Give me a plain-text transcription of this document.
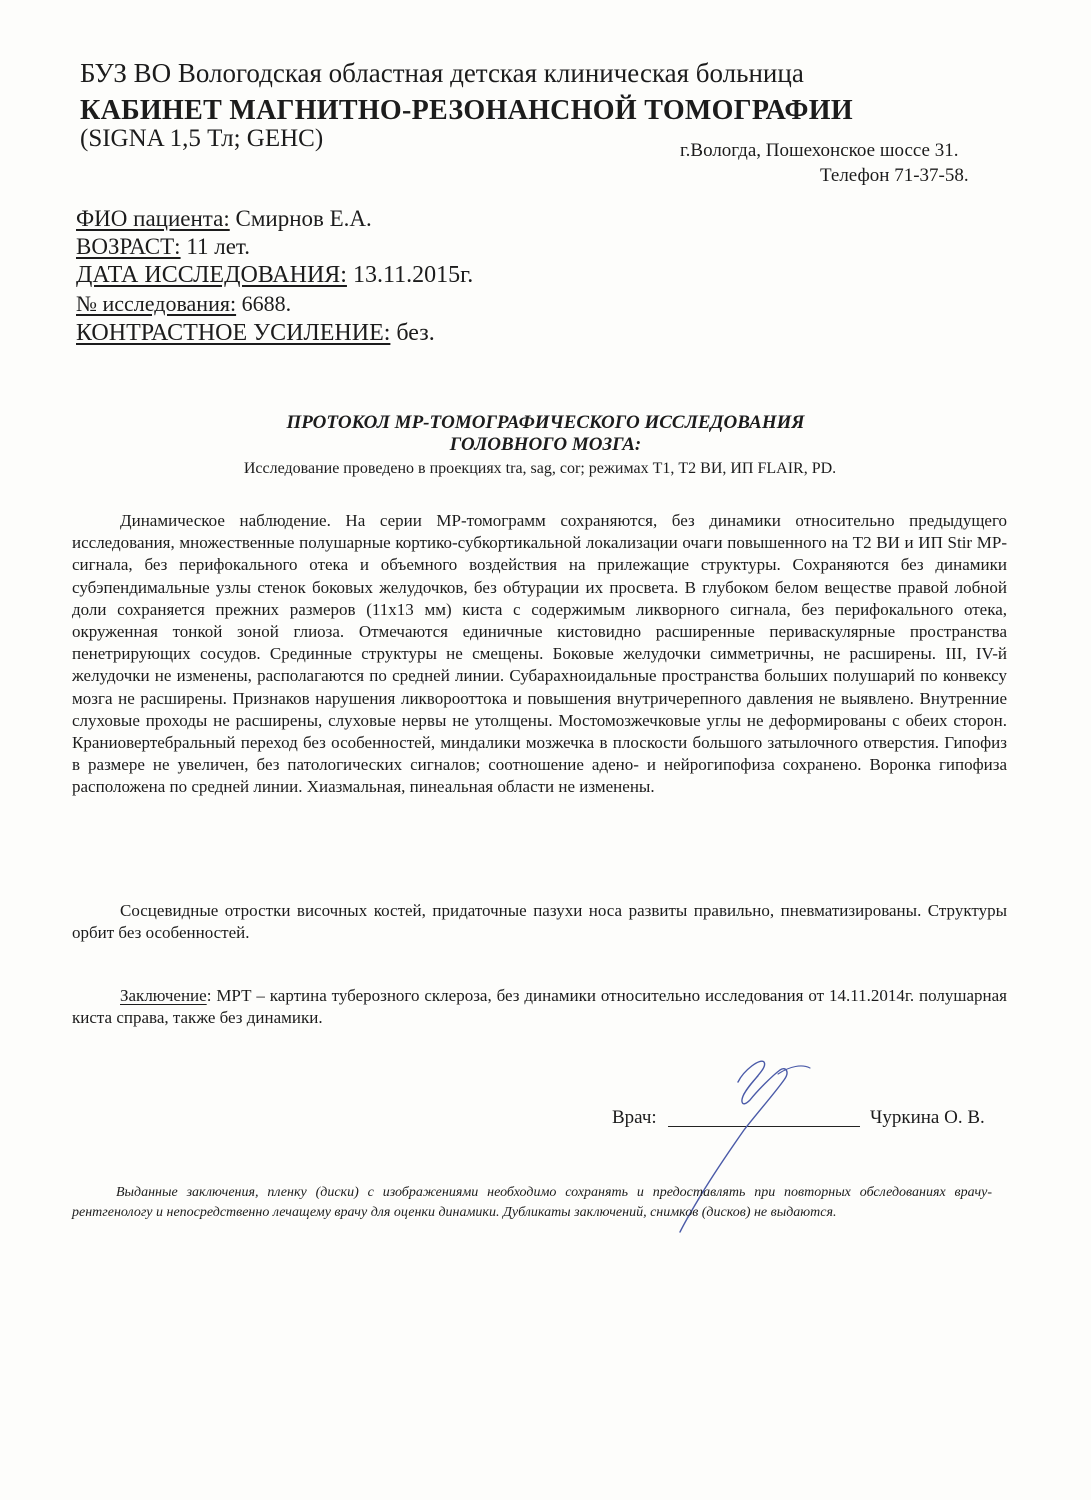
БУЗ ВО Вологодская областная детская клиническая больница
КАБИНЕТ МАГНИТНО-РЕЗОНАНСНОЙ ТОМОГРАФИИ
(SIGNA 1,5 Тл; GEHC)	г.Вологда, Пошехонское шоссе 31.
Телефон 71-37-58.
ФИО пациента: Смирнов Е.А.
ВОЗРАСТ: 11 лет.
ДАТА ИССЛЕДОВАНИЯ: 13.11.2015г.
№ исследования: 6688.
КОНТРАСТНОЕ УСИЛЕНИЕ: без.
ПРОТОКОЛ МР-ТОМОГРАФИЧЕСКОГО ИССЛЕДОВАНИЯ
ГОЛОВНОГО МОЗГА:
Исследование проведено в проекциях tra, sag, cor; режимах Т1, Т2 ВИ, ИП FLAIR, PD.

Динамическое наблюдение. На серии МР-томограмм сохраняются, без динамики относительно предыдущего исследования, множественные полушарные кортико-субкортикальной локализации очаги повышенного на Т2 ВИ и ИП Stir МР-сигнала, без перифокального отека и объемного воздействия на прилежащие структуры. Сохраняются без динамики субэпендимальные узлы стенок боковых желудочков, без обтурации их просвета. В глубоком белом веществе правой лобной доли сохраняется прежних размеров (11х13 мм) киста с содержимым ликворного сигнала, без перифокального отека, окруженная тонкой зоной глиоза. Отмечаются единичные кистовидно расширенные периваскулярные пространства пенетрирующих сосудов. Срединные структуры не смещены. Боковые желудочки симметричны, не расширены. III, IV-й желудочки не изменены, располагаются по средней линии. Субарахноидальные пространства больших полушарий по конвексу мозга не расширены. Признаков нарушения ликворооттока и повышения внутричерепного давления не выявлено. Внутренние слуховые проходы не расширены, слуховые нервы не утолщены. Мостомозжечковые углы не деформированы с обеих сторон. Краниовертебральный переход без особенностей, миндалики мозжечка в плоскости большого затылочного отверстия. Гипофиз в размере не увеличен, без патологических сигналов; соотношение адено- и нейрогипофиза сохранено. Воронка гипофиза расположена по средней линии. Хиазмальная, пинеальная области не изменены.

Сосцевидные отростки височных костей, придаточные пазухи носа развиты правильно, пневматизированы. Структуры орбит без особенностей.

Заключение: МРТ – картина туберозного склероза, без динамики относительно исследования от 14.11.2014г. полушарная киста справа, также без динамики.

Врач:	Чуркина О. В.

Выданные заключения, пленку (диски) с изображениями необходимо сохранять и предоставлять при повторных обследованиях врачу-рентгенологу и непосредственно лечащему врачу для оценки динамики. Дубликаты заключений, снимков (дисков) не выдаются.
